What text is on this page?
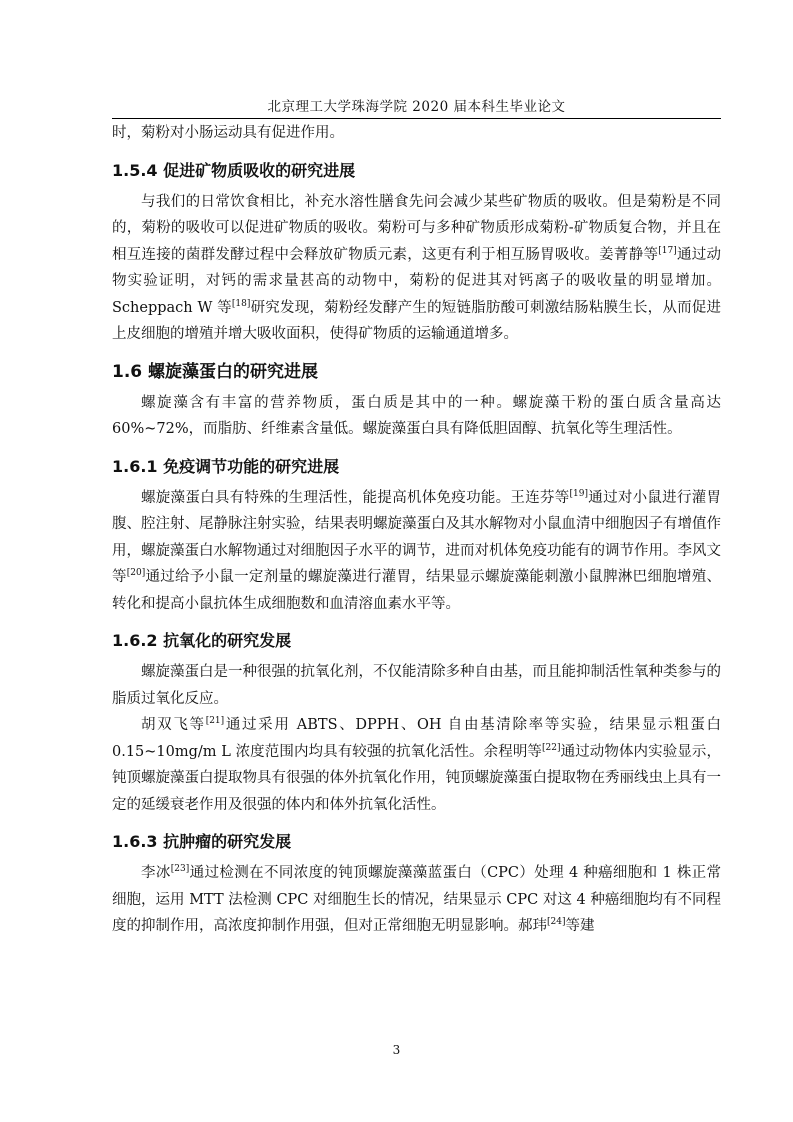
北京理工大学珠海学院 2020 届本科生毕业论文

时，菊粉对小肠运动具有促进作用。

1.5.4 促进矿物质吸收的研究进展

与我们的日常饮食相比，补充水溶性膳食先问会减少某些矿物质的吸收。但是菊粉是不同的，菊粉的吸收可以促进矿物质的吸收。菊粉可与多种矿物质形成菊粉-矿物质复合物，并且在相互连接的菌群发酵过程中会释放矿物质元素，这更有利于相互肠胃吸收。姜菁静等[17]通过动物实验证明，对钙的需求量甚高的动物中，菊粉的促进其对钙离子的吸收量的明显增加。Scheppach W 等[18]研究发现，菊粉经发酵产生的短链脂肪酸可刺激结肠粘膜生长，从而促进上皮细胞的增殖并增大吸收面积，使得矿物质的运输通道增多。

1.6 螺旋藻蛋白的研究进展

螺旋藻含有丰富的营养物质，蛋白质是其中的一种。螺旋藻干粉的蛋白质含量高达 60%~72%，而脂肪、纤维素含量低。螺旋藻蛋白具有降低胆固醇、抗氧化等生理活性。

1.6.1 免疫调节功能的研究进展

螺旋藻蛋白具有特殊的生理活性，能提高机体免疫功能。王连芬等[19]通过对小鼠进行灌胃腹、腔注射、尾静脉注射实验，结果表明螺旋藻蛋白及其水解物对小鼠血清中细胞因子有增值作用，螺旋藻蛋白水解物通过对细胞因子水平的调节，进而对机体免疫功能有的调节作用。李风文等[20]通过给予小鼠一定剂量的螺旋藻进行灌胃，结果显示螺旋藻能刺激小鼠脾淋巴细胞增殖、转化和提高小鼠抗体生成细胞数和血清溶血素水平等。

1.6.2 抗氧化的研究发展

螺旋藻蛋白是一种很强的抗氧化剂，不仅能清除多种自由基，而且能抑制活性氧种类参与的脂质过氧化反应。

胡双飞等[21]通过采用 ABTS、DPPH、OH 自由基清除率等实验，结果显示粗蛋白 0.15~10mg/m L 浓度范围内均具有较强的抗氧化活性。余程明等[22]通过动物体内实验显示，钝顶螺旋藻蛋白提取物具有很强的体外抗氧化作用，钝顶螺旋藻蛋白提取物在秀丽线虫上具有一定的延缓衰老作用及很强的体内和体外抗氧化活性。

1.6.3 抗肿瘤的研究发展

李冰[23]通过检测在不同浓度的钝顶螺旋藻藻蓝蛋白（CPC）处理 4 种癌细胞和 1 株正常细胞，运用 MTT 法检测 CPC 对细胞生长的情况，结果显示 CPC 对这 4 种癌细胞均有不同程度的抑制作用，高浓度抑制作用强，但对正常细胞无明显影响。郝玮[24]等建

3
